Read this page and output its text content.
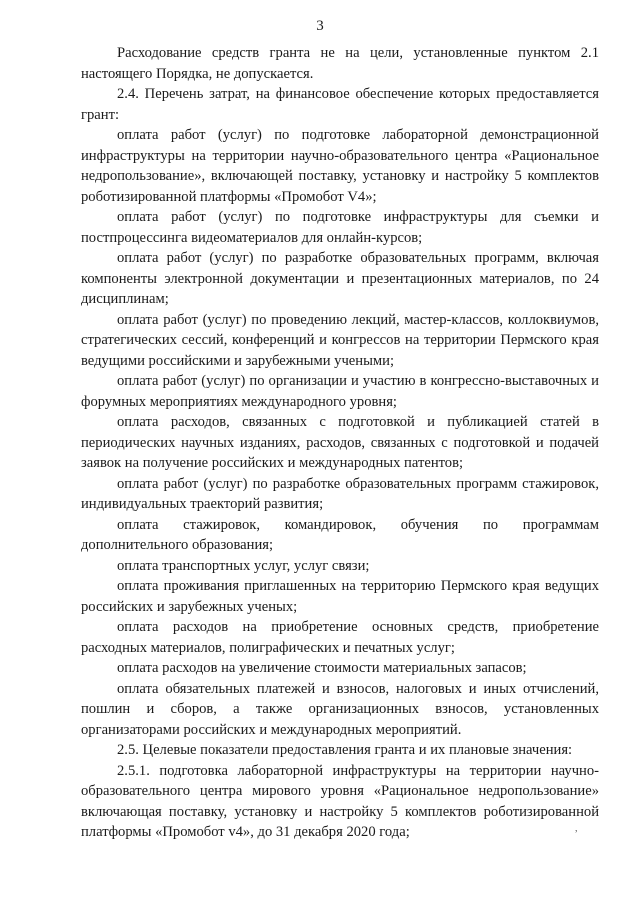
3

Расходование средств гранта не на цели, установленные пунктом 2.1 настоящего Порядка, не допускается.

2.4. Перечень затрат, на финансовое обеспечение которых предоставляется грант:

оплата работ (услуг) по подготовке лабораторной демонстрационной инфраструктуры на территории научно-образовательного центра «Рациональное недропользование», включающей поставку, установку и настройку 5 комплектов роботизированной платформы «Промобот V4»;

оплата работ (услуг) по подготовке инфраструктуры для съемки и постпроцессинга видеоматериалов для онлайн-курсов;

оплата работ (услуг) по разработке образовательных программ, включая компоненты электронной документации и презентационных материалов, по 24 дисциплинам;

оплата работ (услуг) по проведению лекций, мастер-классов, коллоквиумов, стратегических сессий, конференций и конгрессов на территории Пермского края ведущими российскими и зарубежными учеными;

оплата работ (услуг) по организации и участию в конгрессно-выставочных и форумных мероприятиях международного уровня;

оплата расходов, связанных с подготовкой и публикацией статей в периодических научных изданиях, расходов, связанных с подготовкой и подачей заявок на получение российских и международных патентов;

оплата работ (услуг) по разработке образовательных программ стажировок, индивидуальных траекторий развития;

оплата стажировок, командировок, обучения по программам дополнительного образования;

оплата транспортных услуг, услуг связи;

оплата проживания приглашенных на территорию Пермского края ведущих российских и зарубежных ученых;

оплата расходов на приобретение основных средств, приобретение расходных материалов, полиграфических и печатных услуг;

оплата расходов на увеличение стоимости материальных запасов;

оплата обязательных платежей и взносов, налоговых и иных отчислений, пошлин и сборов, а также организационных взносов, установленных организаторами российских и международных мероприятий.

2.5. Целевые показатели предоставления гранта и их плановые значения:

2.5.1. подготовка лабораторной инфраструктуры на территории научно-образовательного центра мирового уровня «Рациональное недропользование» включающая поставку, установку и настройку 5 комплектов роботизированной платформы «Промобот v4», до 31 декабря 2020 года;	,
